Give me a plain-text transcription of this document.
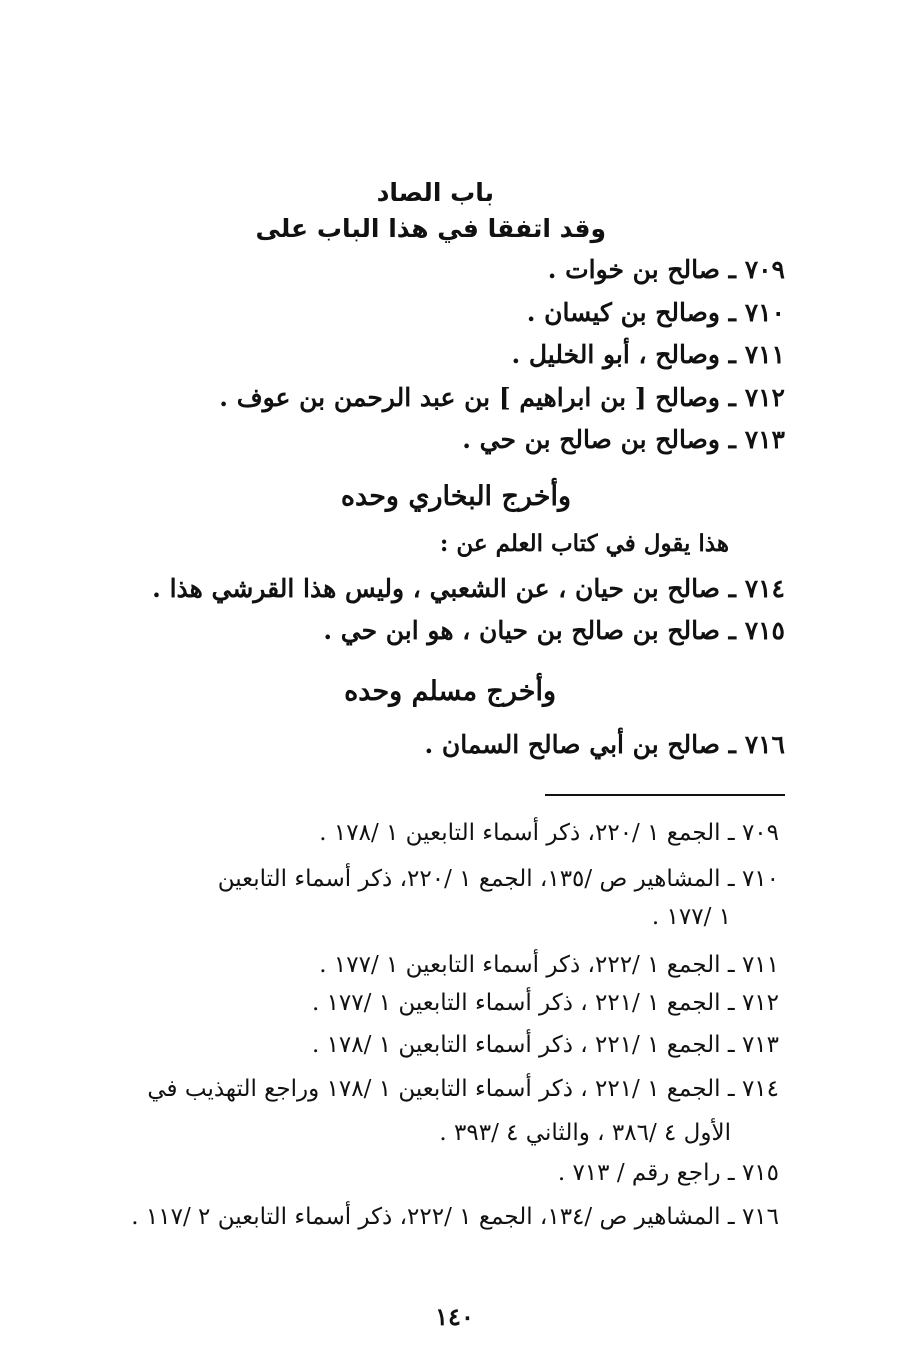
باب الصاد
وقد اتفقا في هذا الباب على
٧٠٩ ـ صالح بن خوات .
٧١٠ ـ وصالح بن كيسان .
٧١١ ـ وصالح ، أبو الخليل .
٧١٢ ـ وصالح [ بن ابراهيم ] بن عبد الرحمن بن عوف .
٧١٣ ـ وصالح بن صالح بن حي .
وأخرج البخاري وحده
هذا يقول في كتاب العلم عن :
٧١٤ ـ صالح بن حيان ، عن الشعبي ، وليس هذا القرشي هذا .
٧١٥ ـ صالح بن صالح بن حيان ، هو ابن حي .
وأخرج مسلم وحده
٧١٦ ـ صالح بن أبي صالح السمان .
٧٠٩ ـ الجمع ١ /٢٢٠، ذكر أسماء التابعين ١ /١٧٨ .
٧١٠ ـ المشاهير ص /١٣٥، الجمع ١ /٢٢٠، ذكر أسماء التابعين
١ /١٧٧ .
٧١١ ـ الجمع ١ /٢٢٢، ذكر أسماء التابعين ١ /١٧٧ .
٧١٢ ـ الجمع ١ /٢٢١ ، ذكر أسماء التابعين ١ /١٧٧ .
٧١٣ ـ الجمع ١ /٢٢١ ، ذكر أسماء التابعين ١ /١٧٨ .
٧١٤ ـ الجمع ١ /٢٢١ ، ذكر أسماء التابعين ١ /١٧٨ وراجع التهذيب في
الأول ٤ /٣٨٦ ، والثاني ٤ /٣٩٣ .
٧١٥ ـ راجع رقم / ٧١٣ .
٧١٦ ـ المشاهير ص /١٣٤، الجمع ١ /٢٢٢، ذكر أسماء التابعين ٢ /١١٧ .
١٤٠
